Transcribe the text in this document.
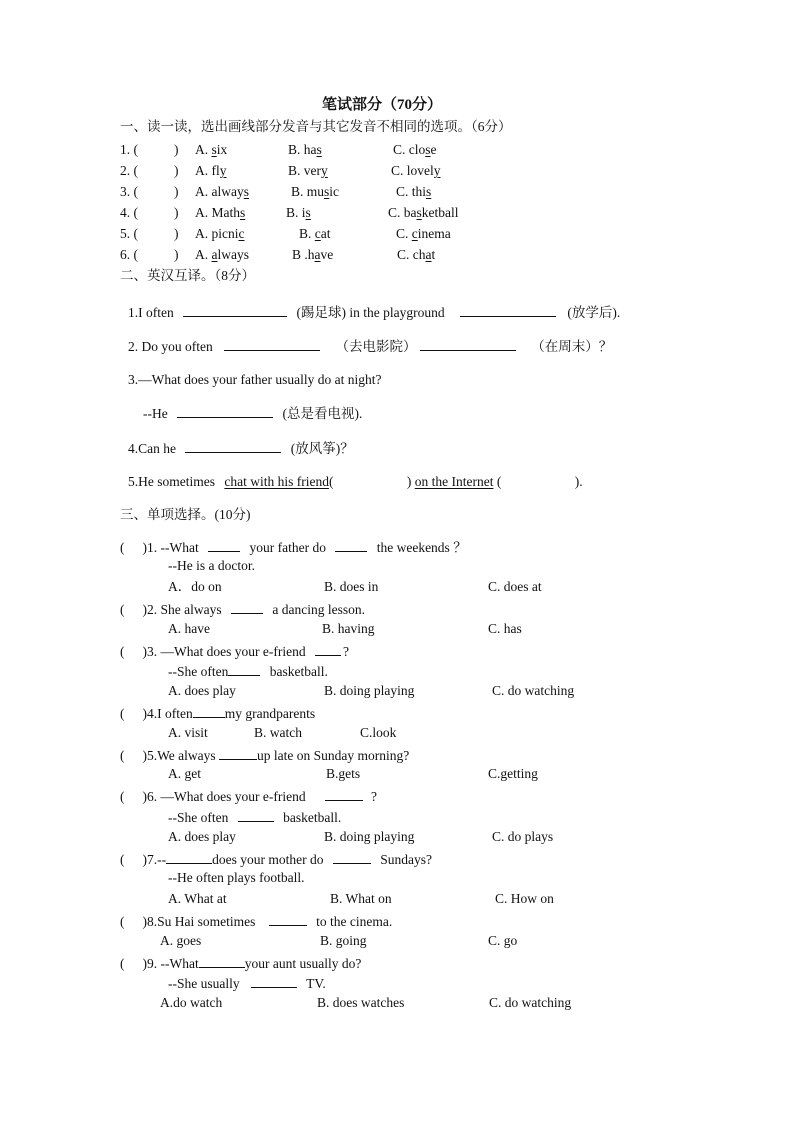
笔试部分（70分）
一、读一读，选出画线部分发音与其它发音不相同的选项。（6分）
1. (	) A. six	B. has	C. close
2. (	) A. fly	B. very	C. lovely
3. (	) A. always	B. music	C. this
4. (	) A. Maths	B. is	C. basketball
5. (	) A. picnic	B. cat	C. cinema
6. (	) A. always	B .have	C. chat
二、英汉互译。（8分）
1.I often	(踢足球) in the playground	(放学后).
2. Do you often	（去电影院）	（在周末）？
3.—What does your father usually do at night?
--He	(总是看电视).
4.Can he	(放风筝)？
5.He sometimes chat with his friend(	) on the Internet (	).
三、单项选择。(10分)
( )1. --What	your father do	the weekends ？
--He is a doctor.
A．do on	B. does in	C. does at
( )2. She always	a dancing lesson.
A. have	B. having	C. has
( )3. —What does your e-friend	?
--She often	basketball.
A. does play	B. doing playing	C. do watching
( )4.I often my grandparents
A. visit	B. watch	C.look
( )5.We always	up late on Sunday morning?
A. get	B.gets	C.getting
( )6. —What does your e-friend	?
--She often	basketball.
A. does play	B. doing playing	C. do plays
( )7.--	does your mother do	Sundays?
--He often plays football.
A. What at	B. What on	C. How on
( )8.Su Hai sometimes	to the cinema.
A. goes	B. going	C. go
( )9. --What	your aunt usually do?
--She usually	TV.
A.do watch	B. does watches	C. do watching
